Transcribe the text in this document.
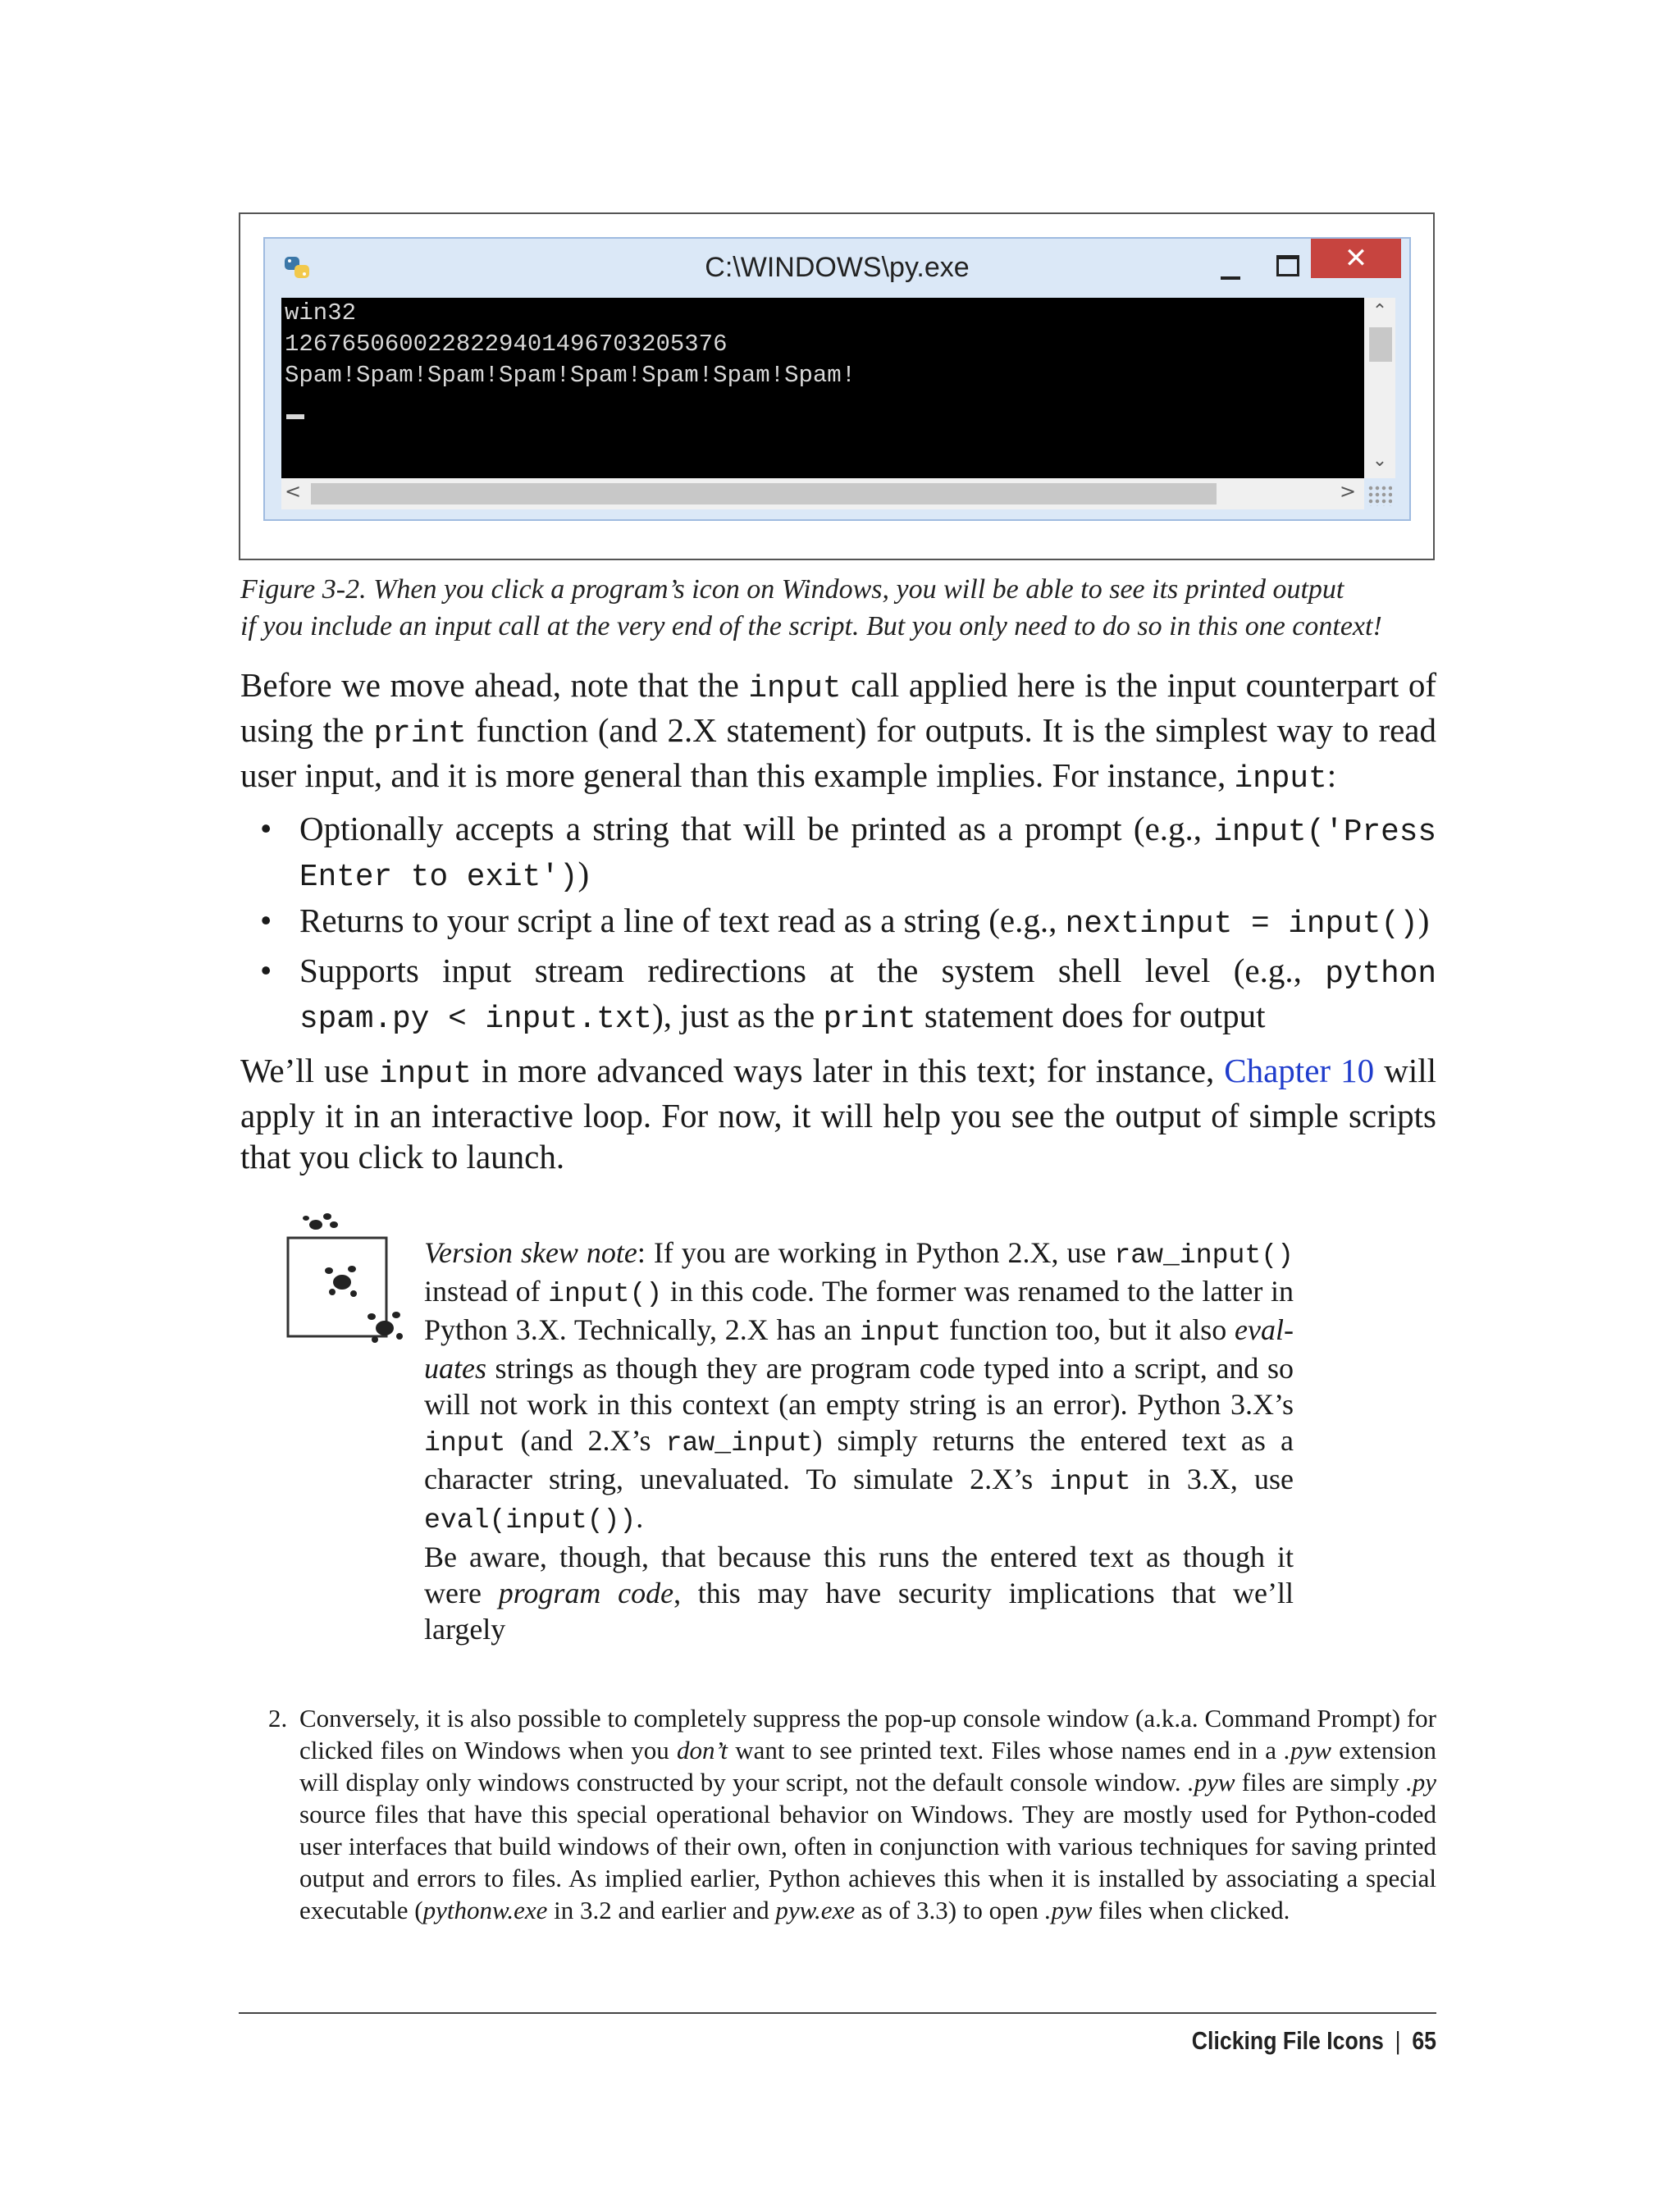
C:\WINDOWS\py.exe	✕
win32
1267650600228229401496703205376
Spam!Spam!Spam!Spam!Spam!Spam!Spam!Spam!
⌃
⌄
<	>
Figure 3-2. When you click a program’s icon on Windows, you will be able to see its printed output
if you include an input call at the very end of the script. But you only need to do so in this one context!
Before we move ahead, note that the input call applied here is the input counterpart of using the print function (and 2.X statement) for outputs. It is the simplest way to read user input, and it is more general than this example implies. For instance, input:
• Optionally accepts a string that will be printed as a prompt (e.g., input('Press Enter to exit'))
• Returns to your script a line of text read as a string (e.g., nextinput = input())
• Supports input stream redirections at the system shell level (e.g., python spam.py < input.txt), just as the print statement does for output
We’ll use input in more advanced ways later in this text; for instance, Chapter 10 will apply it in an interactive loop. For now, it will help you see the output of simple scripts that you click to launch.
Version skew note: If you are working in Python 2.X, use raw_input() instead of input() in this code. The former was renamed to the latter in Python 3.X. Technically, 2.X has an input function too, but it also evaluates strings as though they are program code typed into a script, and so will not work in this context (an empty string is an error). Python 3.X’s input (and 2.X’s raw_input) simply returns the entered text as a character string, unevaluated. To simulate 2.X’s input in 3.X, use eval(input()).
Be aware, though, that because this runs the entered text as though it were program code, this may have security implications that we’ll largely
2. Conversely, it is also possible to completely suppress the pop-up console window (a.k.a. Command Prompt) for clicked files on Windows when you don’t want to see printed text. Files whose names end in a .pyw extension will display only windows constructed by your script, not the default console window. .pyw files are simply .py source files that have this special operational behavior on Windows. They are mostly used for Python-coded user interfaces that build windows of their own, often in conjunction with various techniques for saving printed output and errors to files. As implied earlier, Python achieves this when it is installed by associating a special executable (pythonw.exe in 3.2 and earlier and pyw.exe as of 3.3) to open .pyw files when clicked.
Clicking File Icons | 65
